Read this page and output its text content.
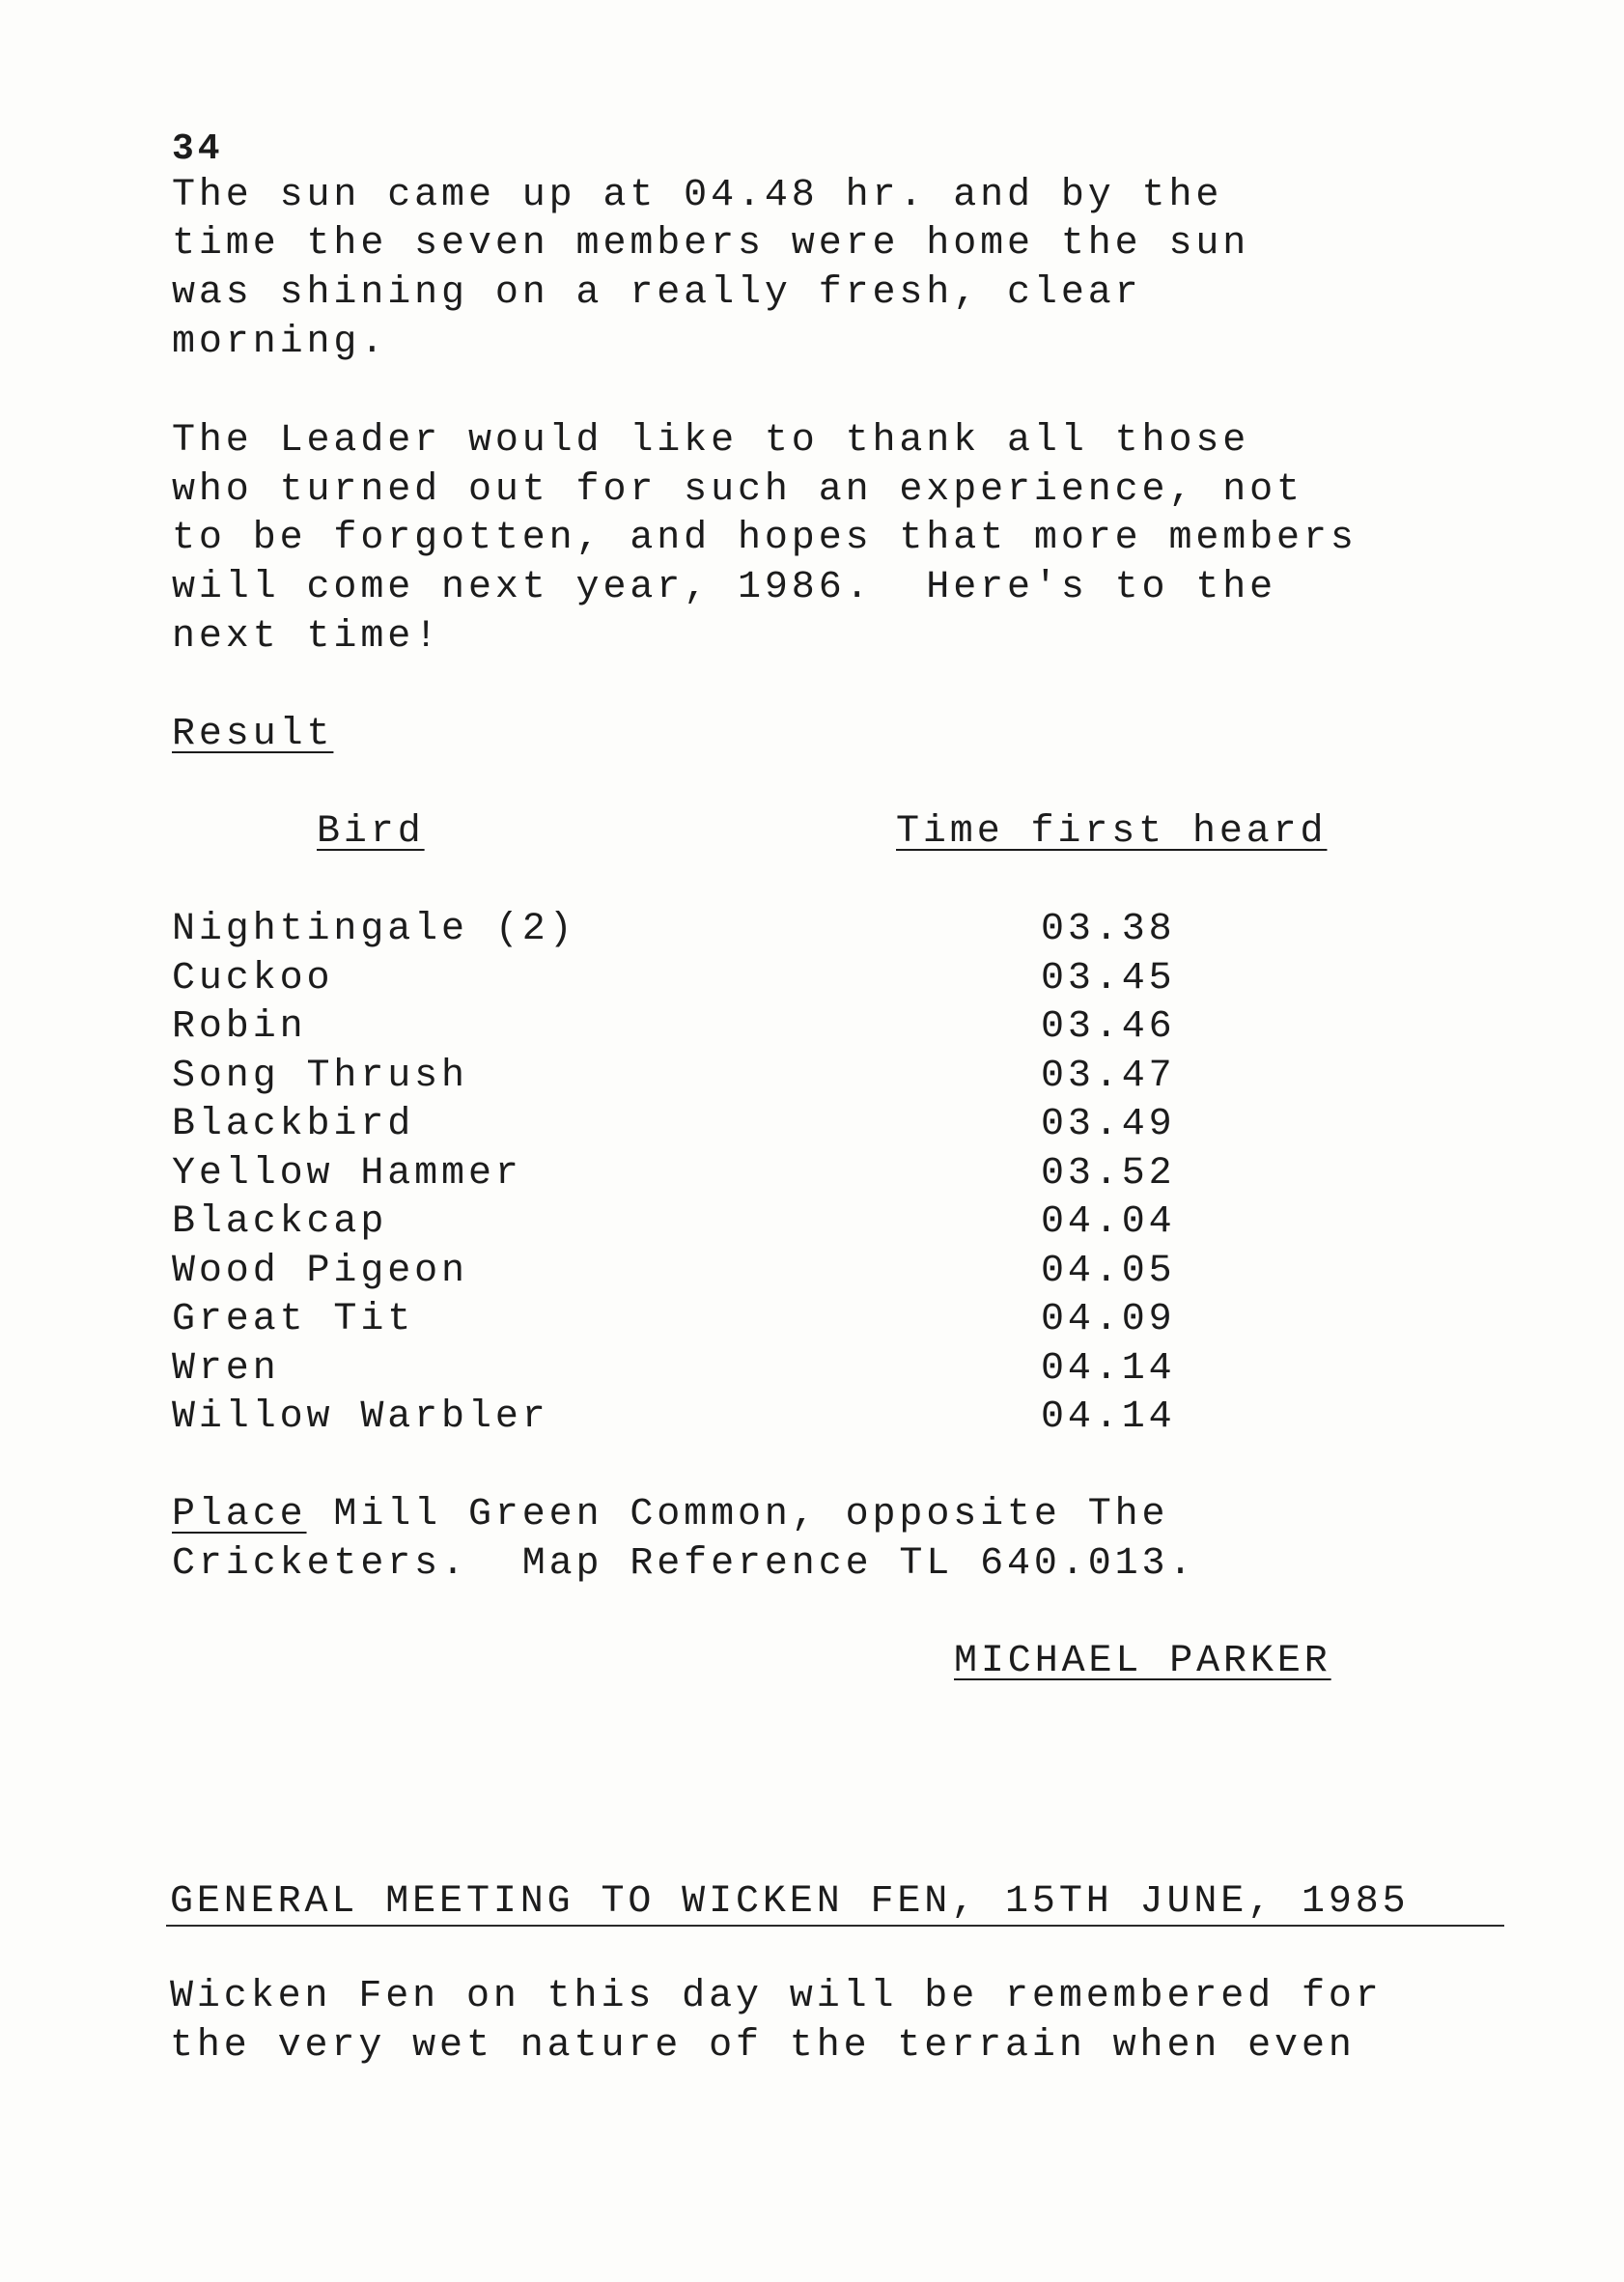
34
The sun came up at 04.48 hr. and by the
time the seven members were home the sun
was shining on a really fresh, clear
morning.
The Leader would like to thank all those
who turned out for such an experience, not
to be forgotten, and hopes that more members
will come next year, 1986.  Here's to the
next time!
Result
Bird	Time first heard
Nightingale (2)	03.38
Cuckoo	03.45
Robin	03.46
Song Thrush	03.47
Blackbird	03.49
Yellow Hammer	03.52
Blackcap	04.04
Wood Pigeon	04.05
Great Tit	04.09
Wren	04.14
Willow Warbler	04.14
Place Mill Green Common, opposite The
Cricketers.  Map Reference TL 640.013.
MICHAEL PARKER
GENERAL MEETING TO WICKEN FEN, 15TH JUNE, 1985
Wicken Fen on this day will be remembered for
the very wet nature of the terrain when even
